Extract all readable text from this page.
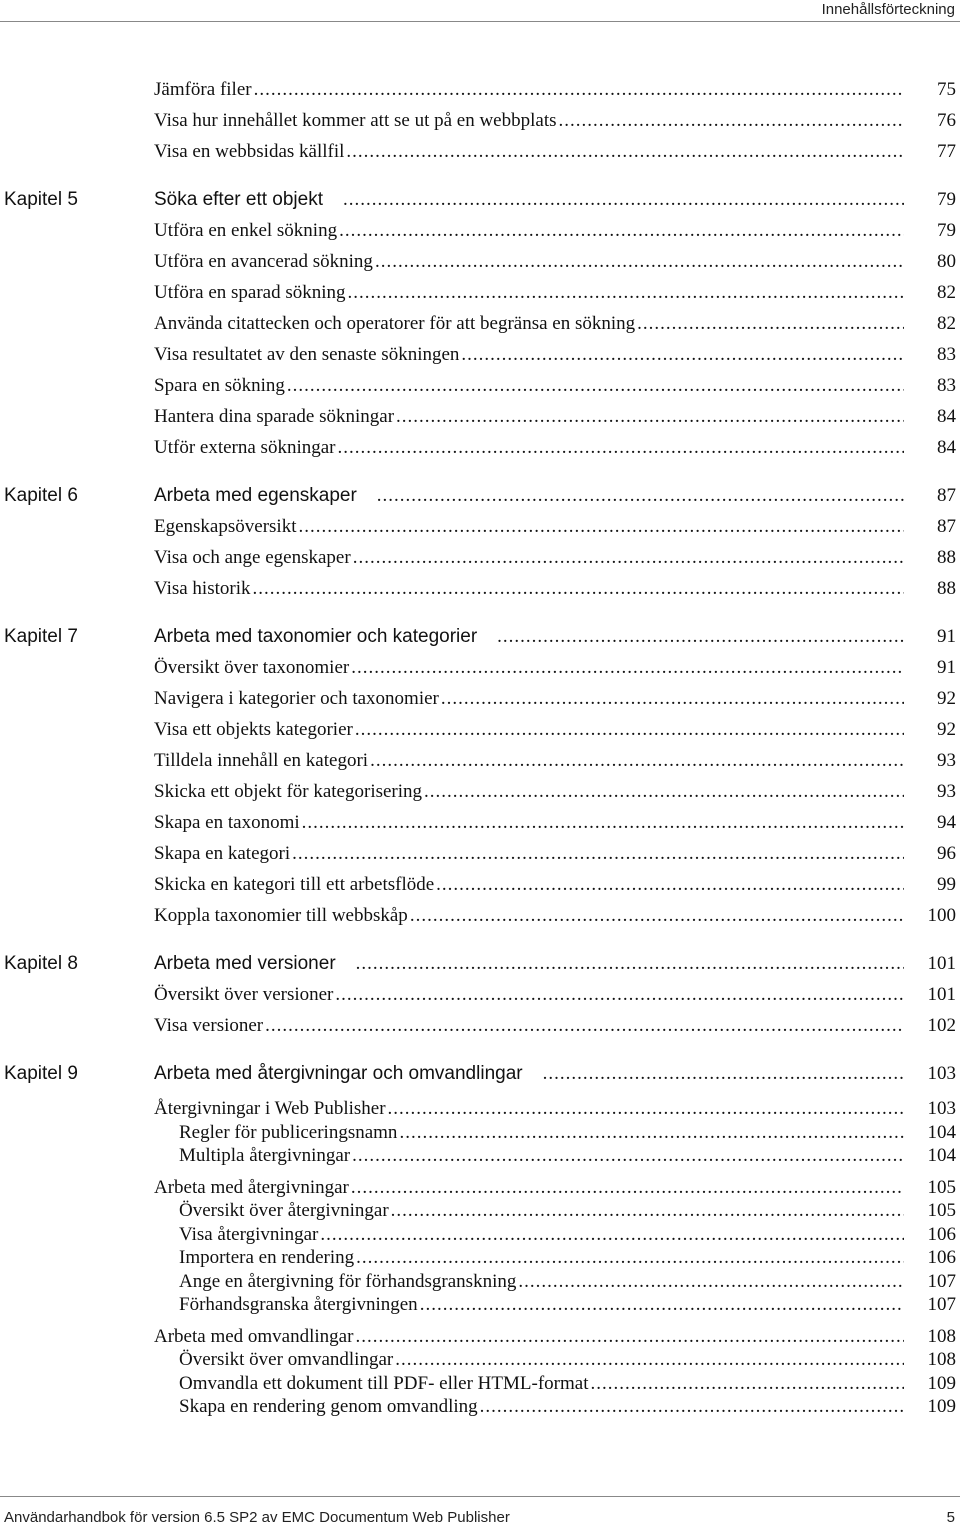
Innehållsförteckning
Jämföra filer .....	75
Visa hur innehållet kommer att se ut på en webbplats .....	76
Visa en webbsidas källfil .....	77
Kapitel 5	Söka efter ett objekt .....	79
Utföra en enkel sökning .....	79
Utföra en avancerad sökning .....	80
Utföra en sparad sökning .....	82
Använda citattecken och operatorer för att begränsa en sökning .....	82
Visa resultatet av den senaste sökningen .....	83
Spara en sökning .....	83
Hantera dina sparade sökningar .....	84
Utför externa sökningar .....	84
Kapitel 6	Arbeta med egenskaper .....	87
Egenskapsöversikt .....	87
Visa och ange egenskaper .....	88
Visa historik .....	88
Kapitel 7	Arbeta med taxonomier och kategorier .....	91
Översikt över taxonomier .....	91
Navigera i kategorier och taxonomier .....	92
Visa ett objekts kategorier .....	92
Tilldela innehåll en kategori .....	93
Skicka ett objekt för kategorisering .....	93
Skapa en taxonomi .....	94
Skapa en kategori .....	96
Skicka en kategori till ett arbetsflöde .....	99
Koppla taxonomier till webbskåp .....	100
Kapitel 8	Arbeta med versioner .....	101
Översikt över versioner .....	101
Visa versioner .....	102
Kapitel 9	Arbeta med återgivningar och omvandlingar .....	103
Återgivningar i Web Publisher .....	103
Regler för publiceringsnamn .....	104
Multipla återgivningar .....	104
Arbeta med återgivningar .....	105
Översikt över återgivningar .....	105
Visa återgivningar .....	106
Importera en rendering .....	106
Ange en återgivning för förhandsgranskning .....	107
Förhandsgranska återgivningen .....	107
Arbeta med omvandlingar .....	108
Översikt över omvandlingar .....	108
Omvandla ett dokument till PDF- eller HTML-format .....	109
Skapa en rendering genom omvandling .....	109
Användarhandbok för version 6.5 SP2 av EMC Documentum Web Publisher	5
